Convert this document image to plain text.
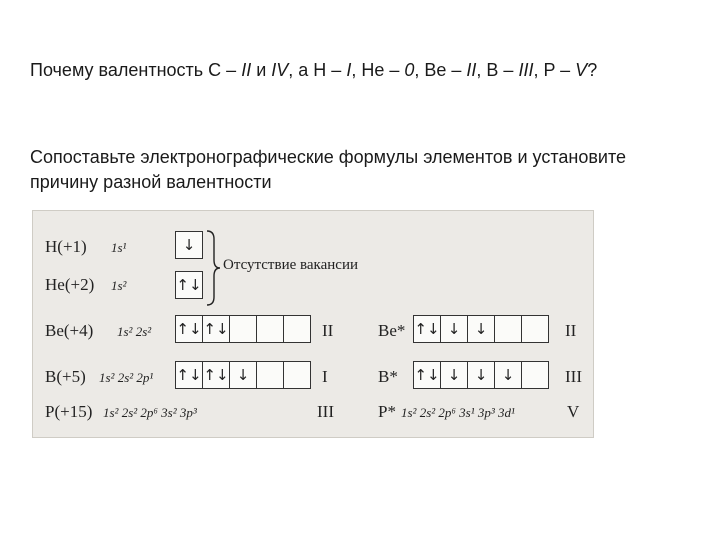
Почему валентность C – II и IV, а H – I, He – 0, Be – II, B – III, P – V?
Сопоставьте электронографические формулы элементов и установите причину разной валентности
H(+1) 1s¹	↓
He(+2) 1s²	↑↓
Отсутствие вакансии
Be(+4) 1s² 2s² ↑↓ ↑↓	II	Be* ↑↓ ↓ ↓	II
B(+5) 1s² 2s² 2p¹ ↑↓ ↑↓ ↓	I	B* ↑↓ ↓ ↓ ↓	III
P(+15) 1s² 2s² 2p⁶ 3s² 3p³	III	P* 1s² 2s² 2p⁶ 3s¹ 3p³ 3d¹	V
